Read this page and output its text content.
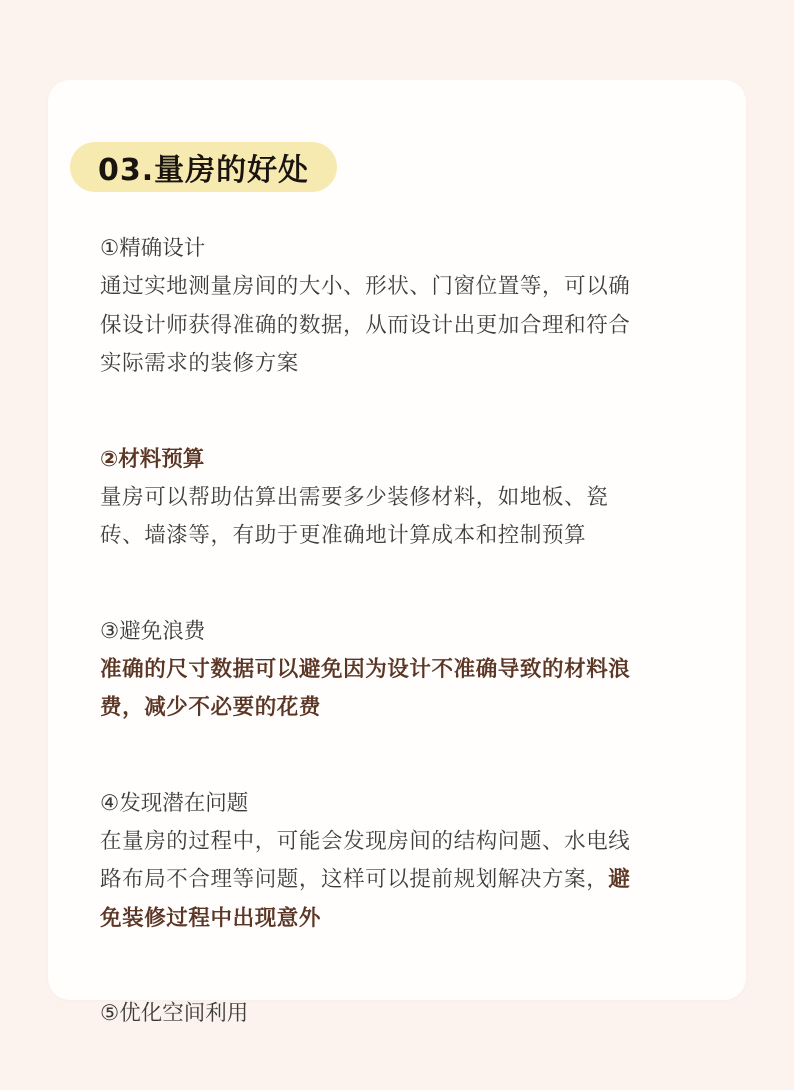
03.量房的好处
①精确设计
通过实地测量房间的大小、形状、门窗位置等，可以确
保设计师获得准确的数据，从而设计出更加合理和符合
实际需求的装修方案
②材料预算
量房可以帮助估算出需要多少装修材料，如地板、瓷
砖、墙漆等，有助于更准确地计算成本和控制预算
③避免浪费
准确的尺寸数据可以避免因为设计不准确导致的材料浪
费，减少不必要的花费
④发现潜在问题
在量房的过程中，可能会发现房间的结构问题、水电线
路布局不合理等问题，这样可以提前规划解决方案，避
免装修过程中出现意外
⑤优化空间利用
